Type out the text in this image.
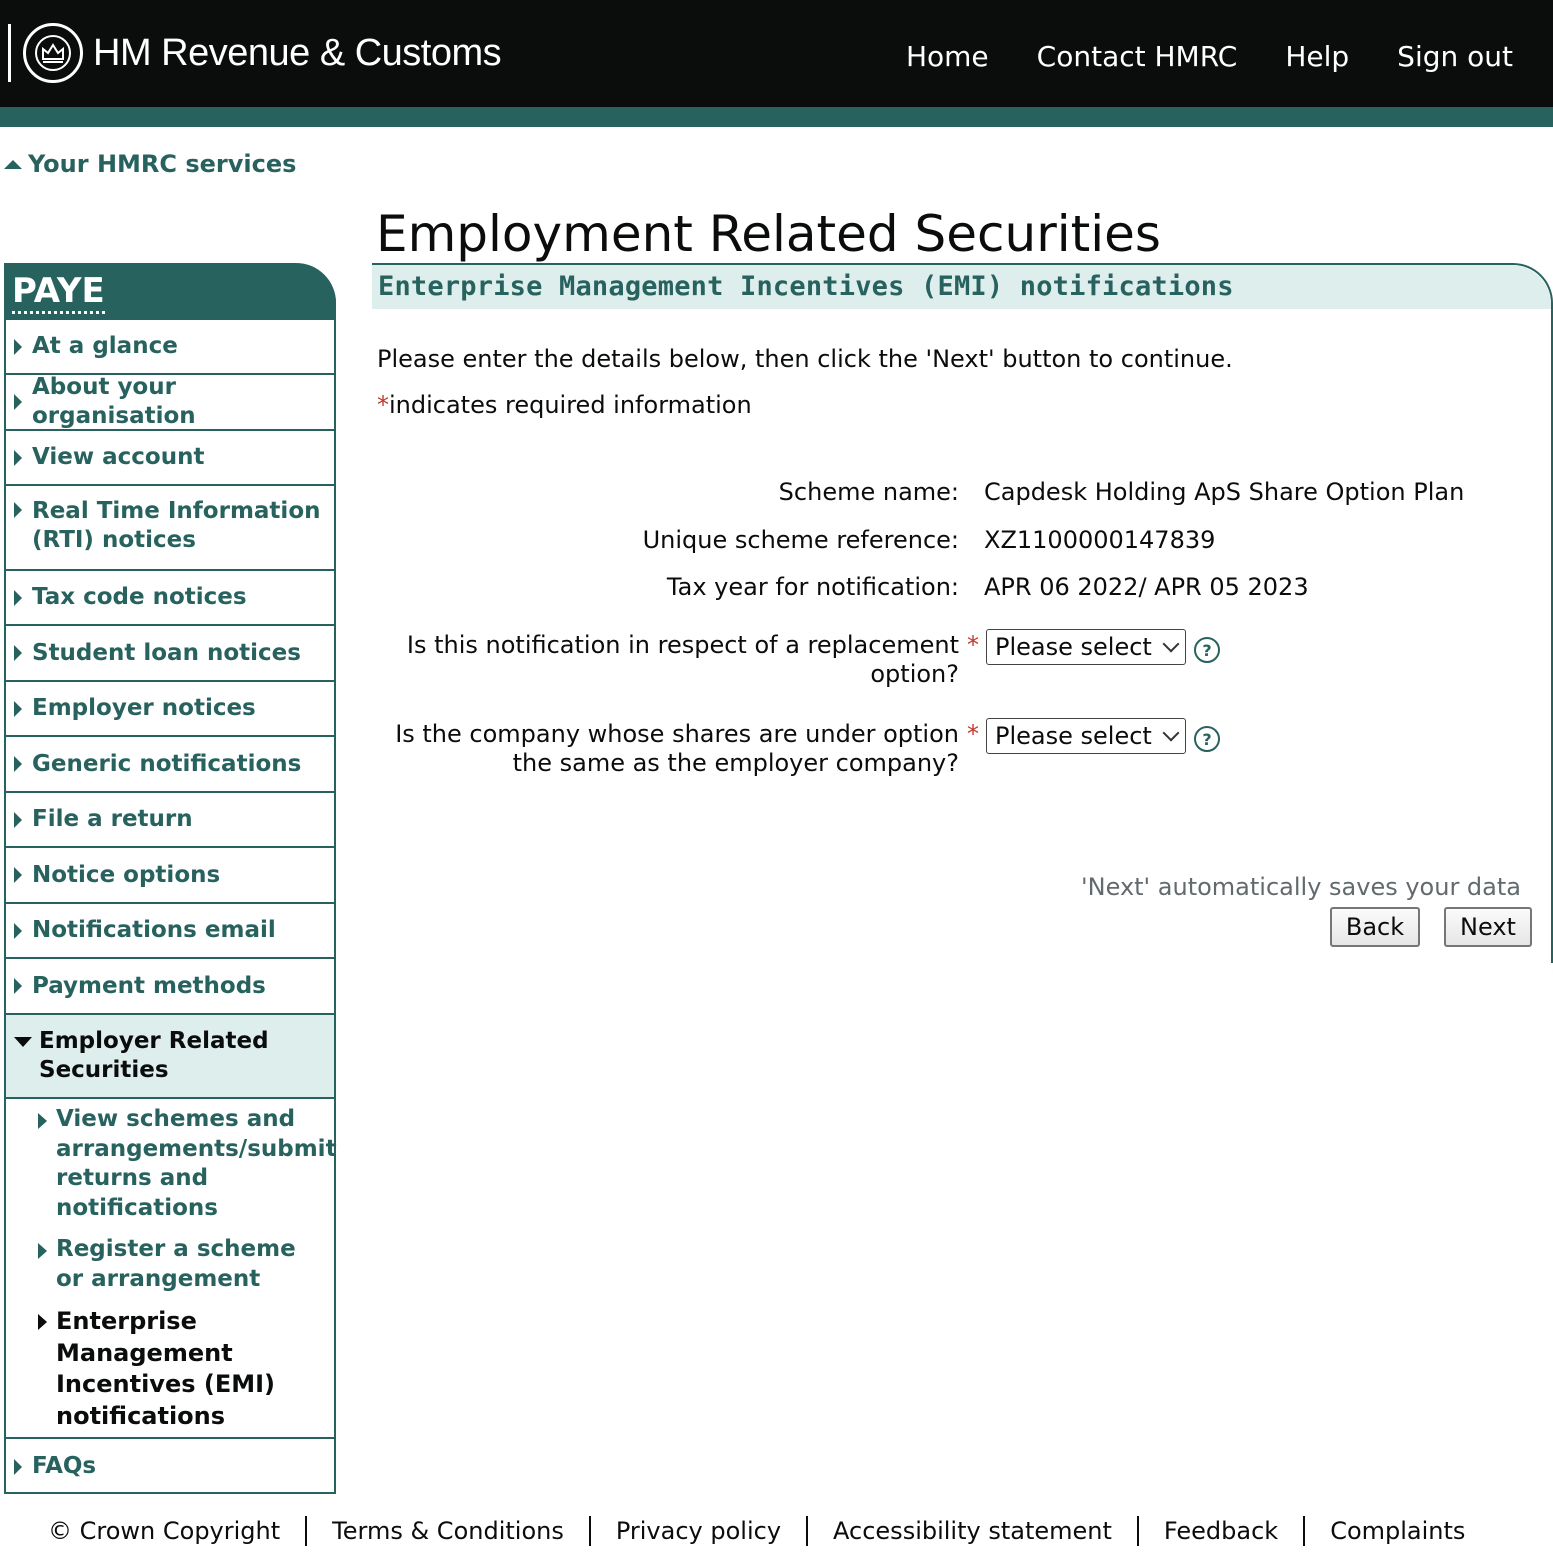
HM Revenue & Customs	Home Contact HMRC Help Sign out
Your HMRC services
Employment Related Securities
PAYE
At a glance
About your organisation
View account
Real Time Information (RTI) notices
Tax code notices
Student loan notices
Employer notices
Generic notifications
File a return
Notice options
Notifications email
Payment methods
Employer Related Securities
View schemes and arrangements/submit returns and notifications
Register a scheme or arrangement
Enterprise Management Incentives (EMI) notifications
FAQs
Enterprise Management Incentives (EMI) notifications

Please enter the details below, then click the 'Next' button to continue.

*indicates required information

Scheme name: Capdesk Holding ApS Share Option Plan
Unique scheme reference: XZ1100000147839
Tax year for notification: APR 06 2022/ APR 05 2023
Is this notification in respect of a replacement option?
* Please select	?
Is the company whose shares are under option the same as the employer company?
* Please select	?

'Next' automatically saves your data

Back	Next
© Crown Copyright Terms & Conditions Privacy policy Accessibility statement Feedback Complaints
